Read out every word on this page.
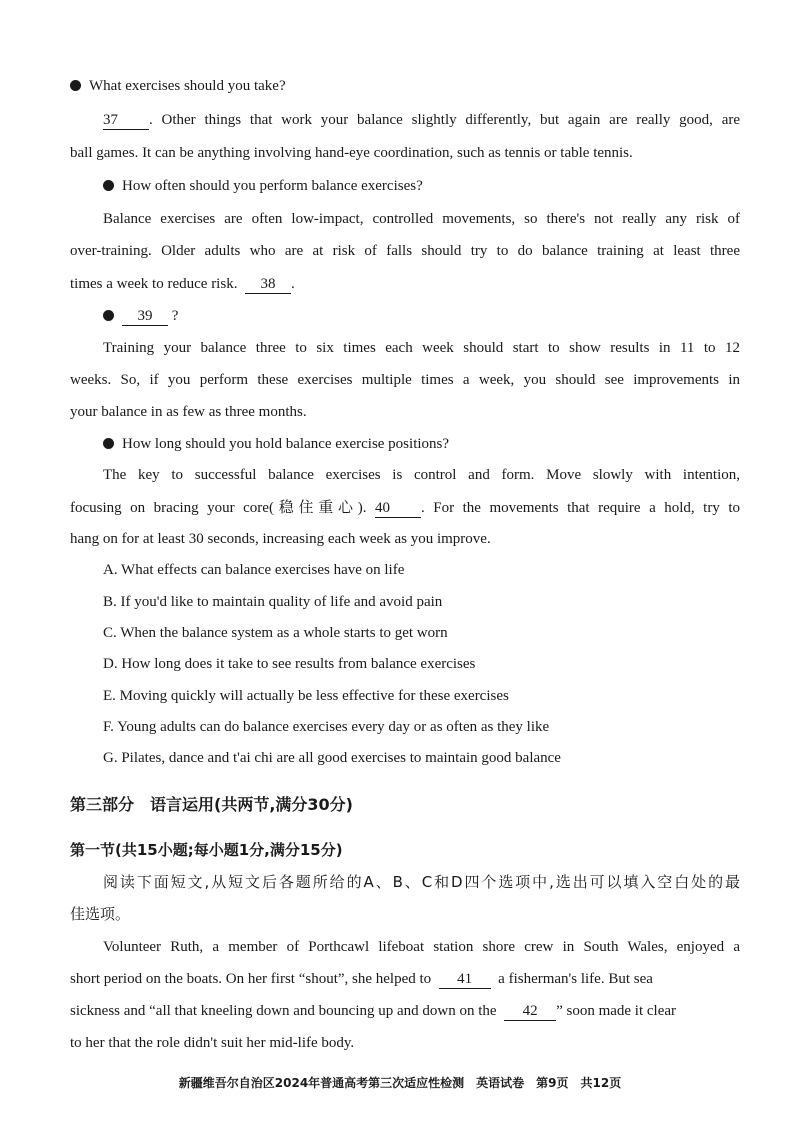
What exercises should you take?
37 . Other things that work your balance slightly differently, but again are really good, are
ball games. It can be anything involving hand-eye coordination, such as tennis or table tennis.
How often should you perform balance exercises?
Balance exercises are often low-impact, controlled movements, so there's not really any risk of
over-training. Older adults who are at risk of falls should try to do balance training at least three
times a week to reduce risk. 38 .
39 ?
Training your balance three to six times each week should start to show results in 11 to 12
weeks. So, if you perform these exercises multiple times a week, you should see improvements in
your balance in as few as three months.
How long should you hold balance exercise positions?
The key to successful balance exercises is control and form. Move slowly with intention,
focusing on bracing your core(稳住重心). 40 . For the movements that require a hold, try to
hang on for at least 30 seconds, increasing each week as you improve.
A. What effects can balance exercises have on life
B. If you'd like to maintain quality of life and avoid pain
C. When the balance system as a whole starts to get worn
D. How long does it take to see results from balance exercises
E. Moving quickly will actually be less effective for these exercises
F. Young adults can do balance exercises every day or as often as they like
G. Pilates, dance and t'ai chi are all good exercises to maintain good balance
第三部分　语言运用(共两节,满分30分)
第一节(共15小题;每小题1分,满分15分)
阅读下面短文,从短文后各题所给的A、B、C和D四个选项中,选出可以填入空白处的最
佳选项。
Volunteer Ruth, a member of Porthcawl lifeboat station shore crew in South Wales, enjoyed a
short period on the boats. On her first “shout”, she helped to 41 a fisherman's life. But sea
sickness and “all that kneeling down and bouncing up and down on the 42 ” soon made it clear
to her that the role didn't suit her mid-life body.
新疆维吾尔自治区2024年普通高考第三次适应性检测　英语试卷　第9页　共12页
